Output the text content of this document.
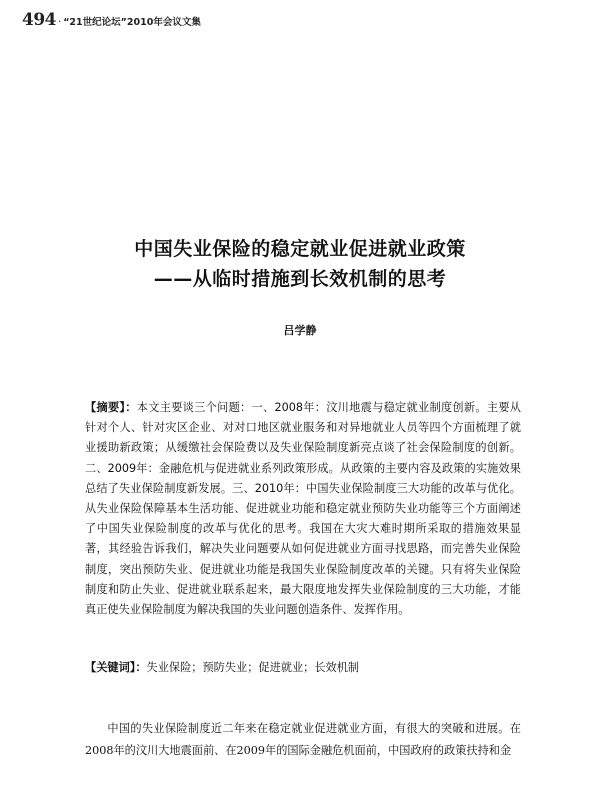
494 · “21世纪论坛”2010年会议文集
中国失业保险的稳定就业促进就业政策
——从临时措施到长效机制的思考
吕学静
【摘要】：本文主要谈三个问题：一、2008年：汶川地震与稳定就业制度创新。主要从针对个人、针对灾区企业、对对口地区就业服务和对异地就业人员等四个方面梳理了就业援助新政策；从缓缴社会保险费以及失业保险制度新亮点谈了社会保险制度的创新。二、2009年：金融危机与促进就业系列政策形成。从政策的主要内容及政策的实施效果总结了失业保险制度新发展。三、2010年：中国失业保险制度三大功能的改革与优化。从失业保险保障基本生活功能、促进就业功能和稳定就业预防失业功能等三个方面阐述了中国失业保险制度的改革与优化的思考。我国在大灾大难时期所采取的措施效果显著，其经验告诉我们，解决失业问题要从如何促进就业方面寻找思路，而完善失业保险制度，突出预防失业、促进就业功能是我国失业保险制度改革的关键。只有将失业保险制度和防止失业、促进就业联系起来，最大限度地发挥失业保险制度的三大功能，才能真正使失业保险制度为解决我国的失业问题创造条件、发挥作用。
【关键词】：失业保险；预防失业；促进就业；长效机制
中国的失业保险制度近二年来在稳定就业促进就业方面，有很大的突破和进展。在2008年的汶川大地震面前、在2009年的国际金融危机面前，中国政府的政策扶持和金
